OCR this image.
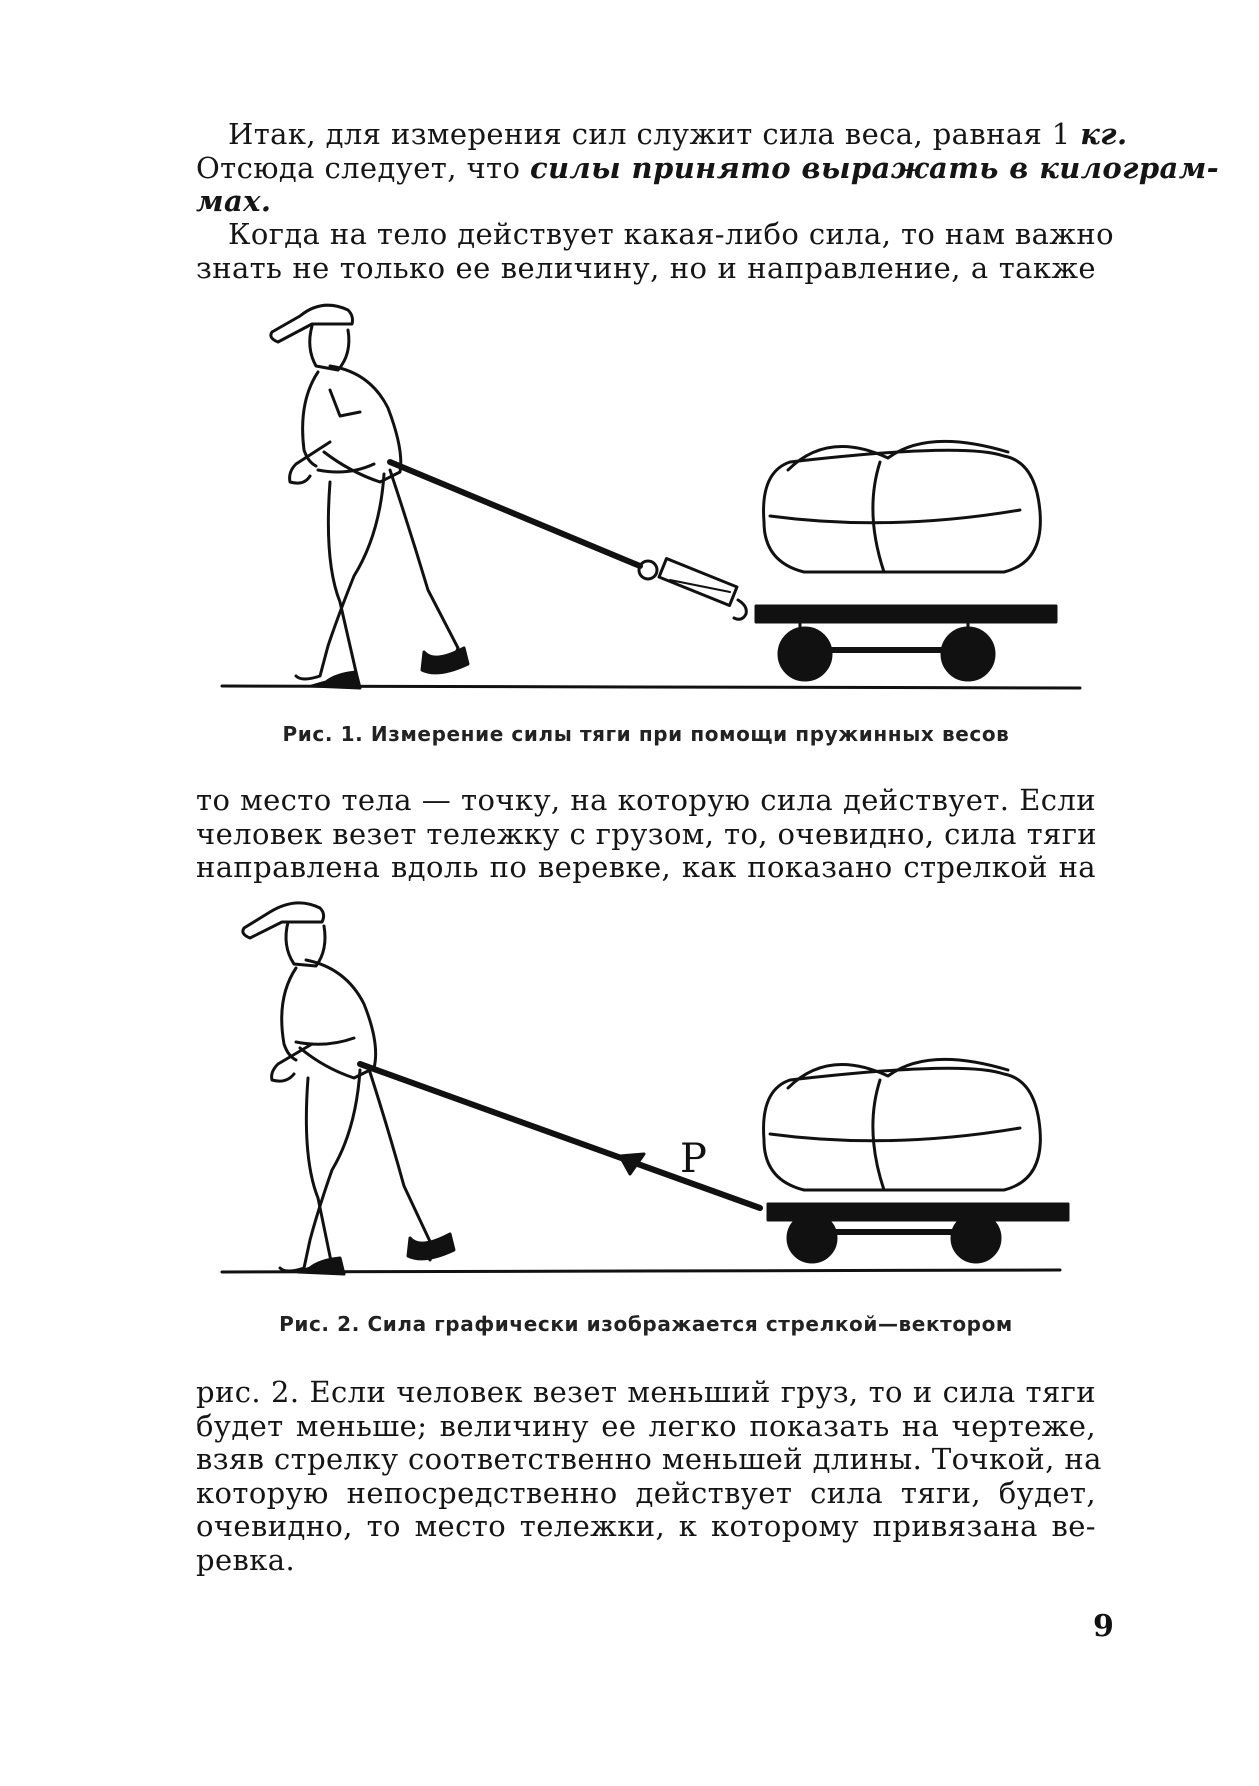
Итак, для измерения сил служит сила веса, равная 1 кг.
Отсюда следует, что силы принято выражать в килограм-
мах.
Когда на тело действует какая-либо сила, то нам важно
знать не только ее величину, но и направление, а также
Рис. 1. Измерение силы тяги при помощи пружинных весов
то место тела — точку, на которую сила действует. Если
человек везет тележку с грузом, то, очевидно, сила тяги
направлена вдоль по веревке, как показано стрелкой на
P
Рис. 2. Сила графически изображается стрелкой—вектором
рис. 2. Если человек везет меньший груз, то и сила тяги
будет меньше; величину ее легко показать на чертеже,
взяв стрелку соответственно меньшей длины. Точкой, на
которую непосредственно действует сила тяги, будет,
очевидно, то место тележки, к которому привязана ве-
ревка.
9
